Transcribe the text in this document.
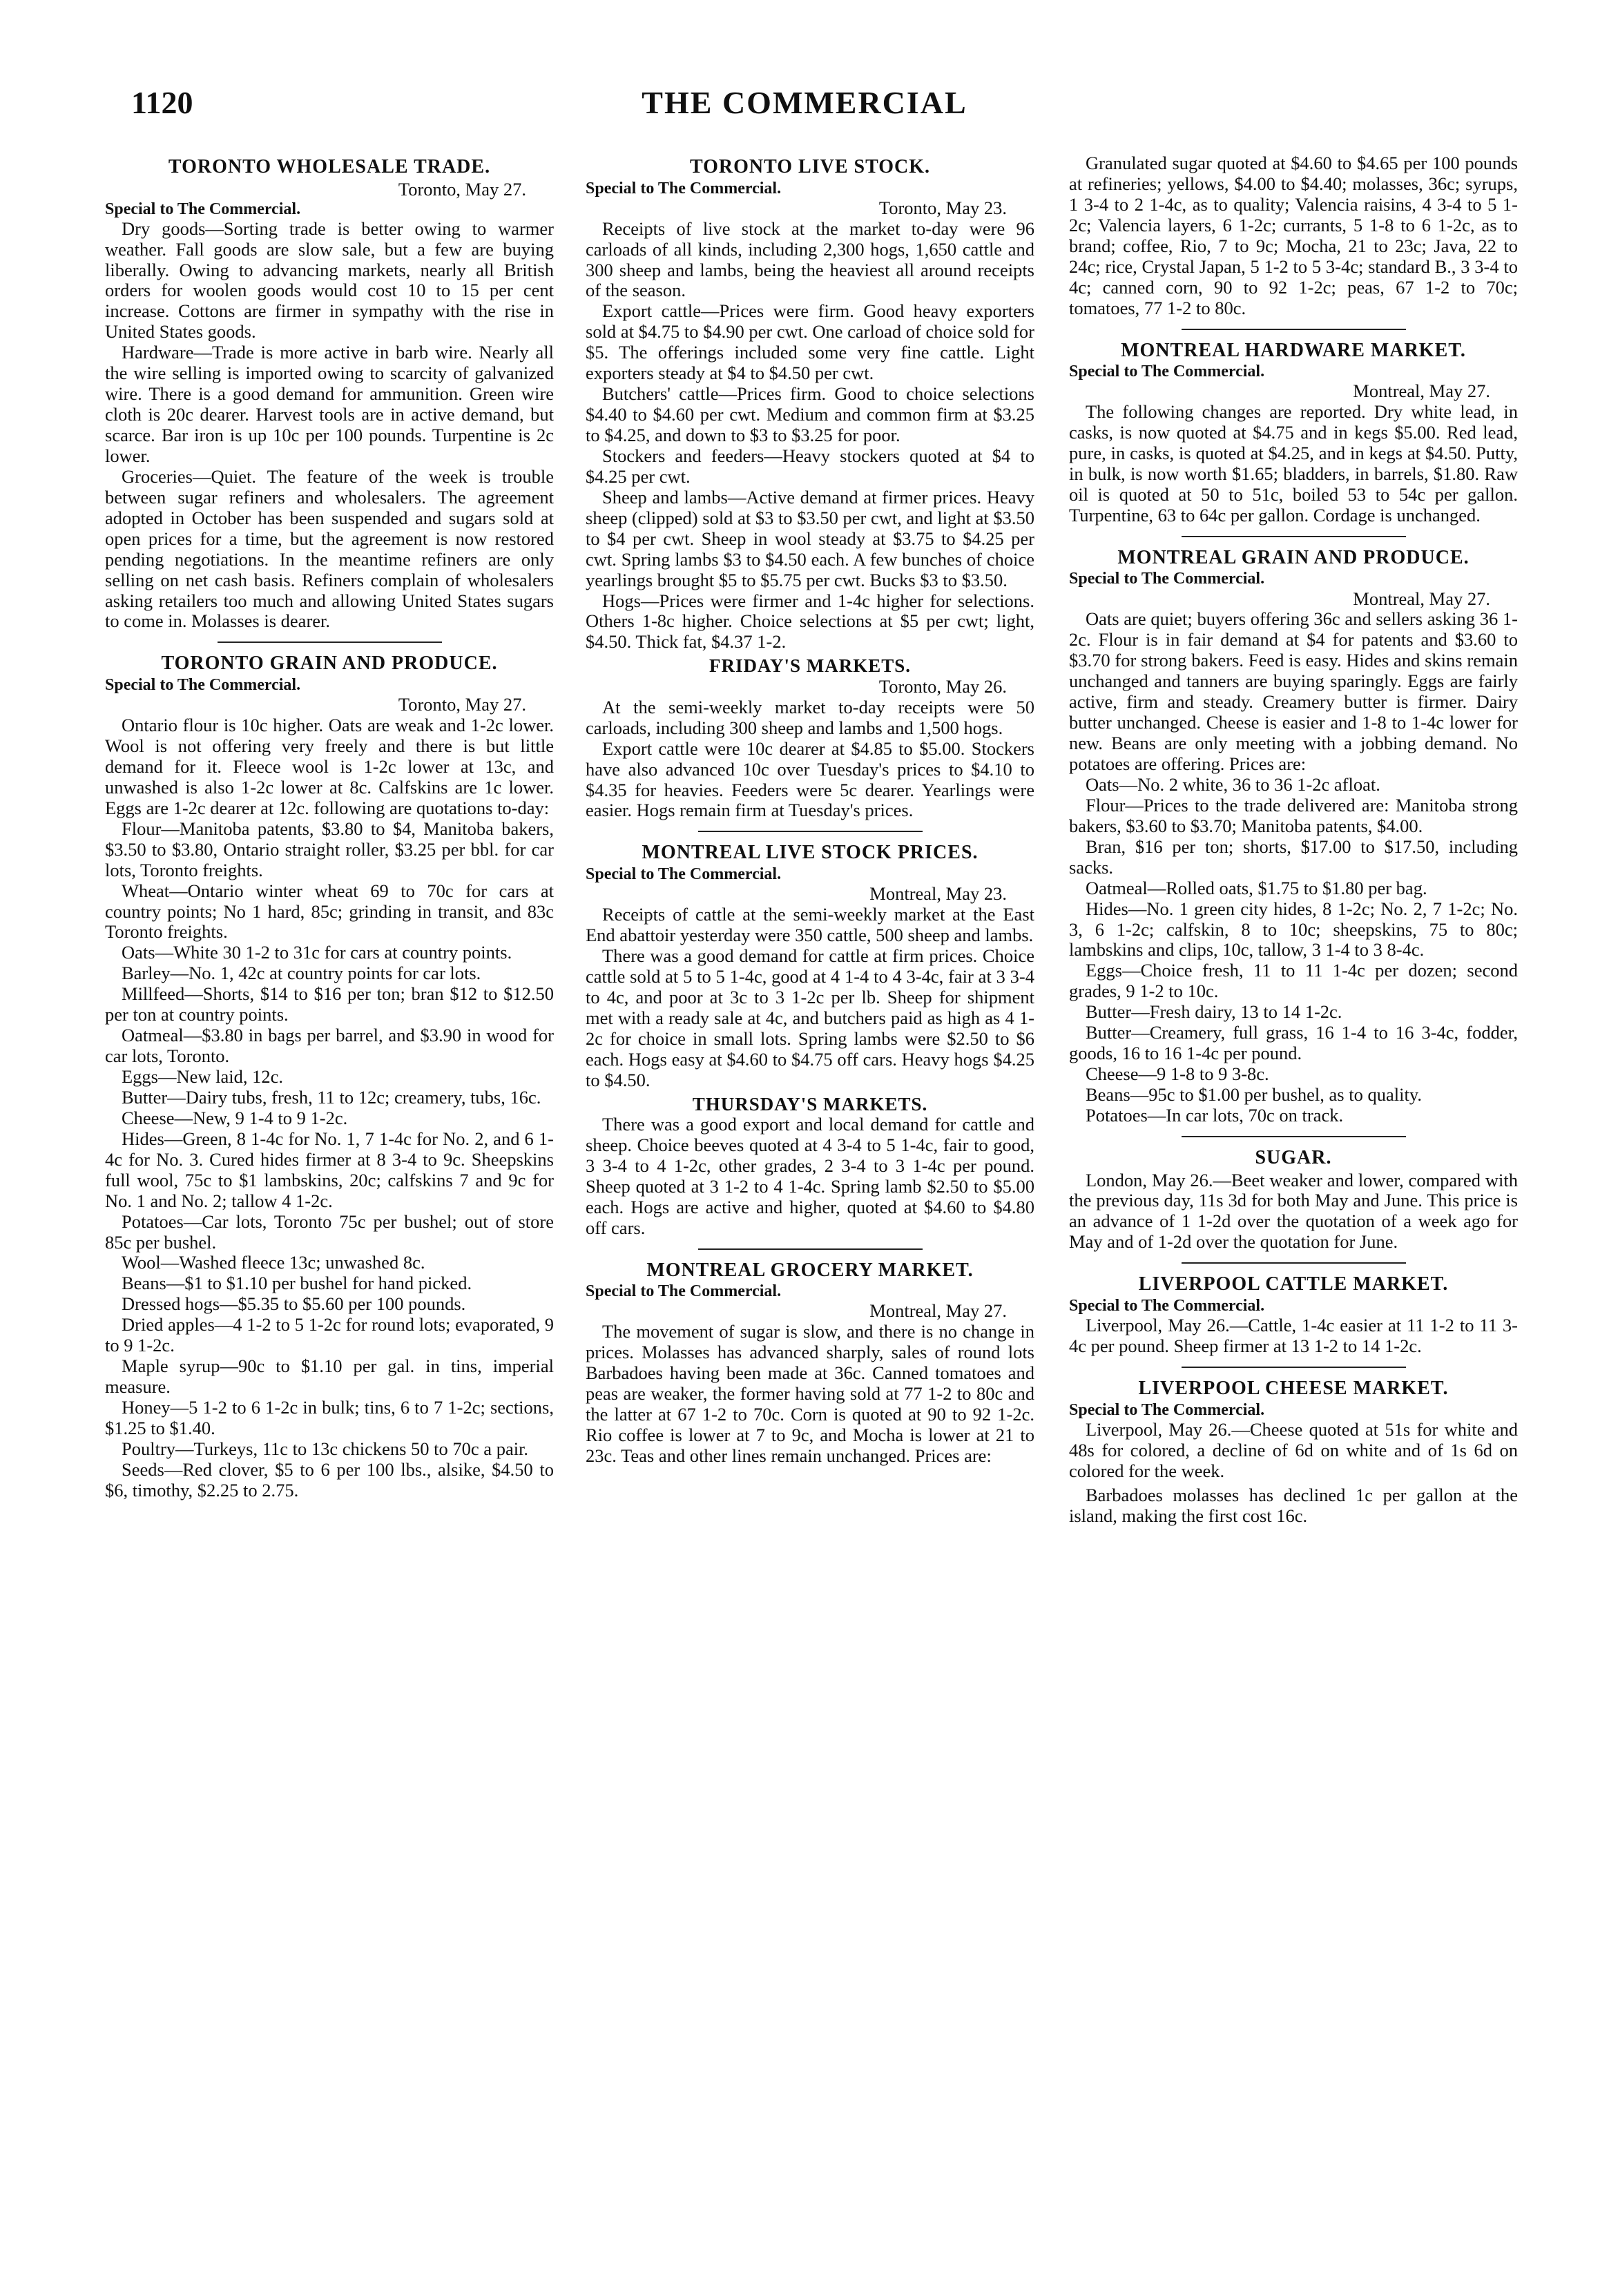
1120	THE COMMERCIAL
TORONTO WHOLESALE TRADE.
Toronto, May 27.
Special to The Commercial.

Dry goods—Sorting trade is better owing to warmer weather. Fall goods are slow sale, but a few are buying liberally. Owing to advancing markets, nearly all British orders for woolen goods would cost 10 to 15 per cent increase. Cottons are firmer in sympathy with the rise in United States goods.

Hardware—Trade is more active in barb wire. Nearly all the wire selling is imported owing to scarcity of galvanized wire. There is a good demand for ammunition. Green wire cloth is 20c dearer. Harvest tools are in active demand, but scarce. Bar iron is up 10c per 100 pounds. Turpentine is 2c lower.

Groceries—Quiet. The feature of the week is trouble between sugar refiners and wholesalers. The agreement adopted in October has been suspended and sugars sold at open prices for a time, but the agreement is now restored pending negotiations. In the meantime refiners are only selling on net cash basis. Refiners complain of wholesalers asking retailers too much and allowing United States sugars to come in. Molasses is dearer.

TORONTO GRAIN AND PRODUCE.
Special to The Commercial.
Toronto, May 27.

Ontario flour is 10c higher. Oats are weak and 1-2c lower. Wool is not offering very freely and there is but little demand for it. Fleece wool is 1-2c lower at 13c, and unwashed is also 1-2c lower at 8c. Calfskins are 1c lower. Eggs are 1-2c dearer at 12c. following are quotations to-day:

Flour—Manitoba patents, $3.80 to $4, Manitoba bakers, $3.50 to $3.80, Ontario straight roller, $3.25 per bbl. for car lots, Toronto freights.

Wheat—Ontario winter wheat 69 to 70c for cars at country points; No 1 hard, 85c; grinding in transit, and 83c Toronto freights.

Oats—White 30 1-2 to 31c for cars at country points.

Barley—No. 1, 42c at country points for car lots.

Millfeed—Shorts, $14 to $16 per ton; bran $12 to $12.50 per ton at country points.

Oatmeal—$3.80 in bags per barrel, and $3.90 in wood for car lots, Toronto.

Eggs—New laid, 12c.

Butter—Dairy tubs, fresh, 11 to 12c; creamery, tubs, 16c.

Cheese—New, 9 1-4 to 9 1-2c.

Hides—Green, 8 1-4c for No. 1, 7 1-4c for No. 2, and 6 1-4c for No. 3. Cured hides firmer at 8 3-4 to 9c. Sheepskins full wool, 75c to $1 lambskins, 20c; calfskins 7 and 9c for No. 1 and No. 2; tallow 4 1-2c.

Potatoes—Car lots, Toronto 75c per bushel; out of store 85c per bushel.

Wool—Washed fleece 13c; unwashed 8c.

Beans—$1 to $1.10 per bushel for hand picked.

Dressed hogs—$5.35 to $5.60 per 100 pounds.

Dried apples—4 1-2 to 5 1-2c for round lots; evaporated, 9 to 9 1-2c.

Maple syrup—90c to $1.10 per gal. in tins, imperial measure.

Honey—5 1-2 to 6 1-2c in bulk; tins, 6 to 7 1-2c; sections, $1.25 to $1.40.

Poultry—Turkeys, 11c to 13c chickens 50 to 70c a pair.

Seeds—Red clover, $5 to 6 per 100 lbs., alsike, $4.50 to $6, timothy, $2.25 to 2.75.

TORONTO LIVE STOCK.
Special to The Commercial.
Toronto, May 23.

Receipts of live stock at the market to-day were 96 carloads of all kinds, including 2,300 hogs, 1,650 cattle and 300 sheep and lambs, being the heaviest all around receipts of the season.

Export cattle—Prices were firm. Good heavy exporters sold at $4.75 to $4.90 per cwt. One carload of choice sold for $5. The offerings included some very fine cattle. Light exporters steady at $4 to $4.50 per cwt.

Butchers' cattle—Prices firm. Good to choice selections $4.40 to $4.60 per cwt. Medium and common firm at $3.25 to $4.25, and down to $3 to $3.25 for poor.

Stockers and feeders—Heavy stockers quoted at $4 to $4.25 per cwt.

Sheep and lambs—Active demand at firmer prices. Heavy sheep (clipped) sold at $3 to $3.50 per cwt, and light at $3.50 to $4 per cwt. Sheep in wool steady at $3.75 to $4.25 per cwt. Spring lambs $3 to $4.50 each. A few bunches of choice yearlings brought $5 to $5.75 per cwt. Bucks $3 to $3.50.

Hogs—Prices were firmer and 1-4c higher for selections. Others 1-8c higher. Choice selections at $5 per cwt; light, $4.50. Thick fat, $4.37 1-2.

FRIDAY'S MARKETS.
Toronto, May 26.

At the semi-weekly market to-day receipts were 50 carloads, including 300 sheep and lambs and 1,500 hogs.

Export cattle were 10c dearer at $4.85 to $5.00. Stockers have also advanced 10c over Tuesday's prices to $4.10 to $4.35 for heavies. Feeders were 5c dearer. Yearlings were easier. Hogs remain firm at Tuesday's prices.

MONTREAL LIVE STOCK PRICES.
Special to The Commercial.
Montreal, May 23.

Receipts of cattle at the semi-weekly market at the East End abattoir yesterday were 350 cattle, 500 sheep and lambs.

There was a good demand for cattle at firm prices. Choice cattle sold at 5 to 5 1-4c, good at 4 1-4 to 4 3-4c, fair at 3 3-4 to 4c, and poor at 3c to 3 1-2c per lb. Sheep for shipment met with a ready sale at 4c, and butchers paid as high as 4 1-2c for choice in small lots. Spring lambs were $2.50 to $6 each. Hogs easy at $4.60 to $4.75 off cars. Heavy hogs $4.25 to $4.50.

THURSDAY'S MARKETS.

There was a good export and local demand for cattle and sheep. Choice beeves quoted at 4 3-4 to 5 1-4c, fair to good, 3 3-4 to 4 1-2c, other grades, 2 3-4 to 3 1-4c per pound. Sheep quoted at 3 1-2 to 4 1-4c. Spring lamb $2.50 to $5.00 each. Hogs are active and higher, quoted at $4.60 to $4.80 off cars.

MONTREAL GROCERY MARKET.
Special to The Commercial.
Montreal, May 27.

The movement of sugar is slow, and there is no change in prices. Molasses has advanced sharply, sales of round lots Barbadoes having been made at 36c. Canned tomatoes and peas are weaker, the former having sold at 77 1-2 to 80c and the latter at 67 1-2 to 70c. Corn is quoted at 90 to 92 1-2c. Rio coffee is lower at 7 to 9c, and Mocha is lower at 21 to 23c. Teas and other lines remain unchanged. Prices are:

Granulated sugar quoted at $4.60 to $4.65 per 100 pounds at refineries; yellows, $4.00 to $4.40; molasses, 36c; syrups, 1 3-4 to 2 1-4c, as to quality; Valencia raisins, 4 3-4 to 5 1-2c; Valencia layers, 6 1-2c; currants, 5 1-8 to 6 1-2c, as to brand; coffee, Rio, 7 to 9c; Mocha, 21 to 23c; Java, 22 to 24c; rice, Crystal Japan, 5 1-2 to 5 3-4c; standard B., 3 3-4 to 4c; canned corn, 90 to 92 1-2c; peas, 67 1-2 to 70c; tomatoes, 77 1-2 to 80c.

MONTREAL HARDWARE MARKET.
Special to The Commercial.
Montreal, May 27.

The following changes are reported. Dry white lead, in casks, is now quoted at $4.75 and in kegs $5.00. Red lead, pure, in casks, is quoted at $4.25, and in kegs at $4.50. Putty, in bulk, is now worth $1.65; bladders, in barrels, $1.80. Raw oil is quoted at 50 to 51c, boiled 53 to 54c per gallon. Turpentine, 63 to 64c per gallon. Cordage is unchanged.

MONTREAL GRAIN AND PRODUCE.
Special to The Commercial.
Montreal, May 27.

Oats are quiet; buyers offering 36c and sellers asking 36 1-2c. Flour is in fair demand at $4 for patents and $3.60 to $3.70 for strong bakers. Feed is easy. Hides and skins remain unchanged and tanners are buying sparingly. Eggs are fairly active, firm and steady. Creamery butter is firmer. Dairy butter unchanged. Cheese is easier and 1-8 to 1-4c lower for new. Beans are only meeting with a jobbing demand. No potatoes are offering. Prices are:

Oats—No. 2 white, 36 to 36 1-2c afloat.

Flour—Prices to the trade delivered are: Manitoba strong bakers, $3.60 to $3.70; Manitoba patents, $4.00.

Bran, $16 per ton; shorts, $17.00 to $17.50, including sacks.

Oatmeal—Rolled oats, $1.75 to $1.80 per bag.

Hides—No. 1 green city hides, 8 1-2c; No. 2, 7 1-2c; No. 3, 6 1-2c; calfskin, 8 to 10c; sheepskins, 75 to 80c; lambskins and clips, 10c, tallow, 3 1-4 to 3 8-4c.

Eggs—Choice fresh, 11 to 11 1-4c per dozen; second grades, 9 1-2 to 10c.

Butter—Fresh dairy, 13 to 14 1-2c.

Butter—Creamery, full grass, 16 1-4 to 16 3-4c, fodder, goods, 16 to 16 1-4c per pound.

Cheese—9 1-8 to 9 3-8c.

Beans—95c to $1.00 per bushel, as to quality.

Potatoes—In car lots, 70c on track.

SUGAR.

London, May 26.—Beet weaker and lower, compared with the previous day, 11s 3d for both May and June. This price is an advance of 1 1-2d over the quotation of a week ago for May and of 1-2d over the quotation for June.

LIVERPOOL CATTLE MARKET.
Special to The Commercial.

Liverpool, May 26.—Cattle, 1-4c easier at 11 1-2 to 11 3-4c per pound. Sheep firmer at 13 1-2 to 14 1-2c.

LIVERPOOL CHEESE MARKET.
Special to The Commercial.

Liverpool, May 26.—Cheese quoted at 51s for white and 48s for colored, a decline of 6d on white and of 1s 6d on colored for the week.

Barbadoes molasses has declined 1c per gallon at the island, making the first cost 16c.
